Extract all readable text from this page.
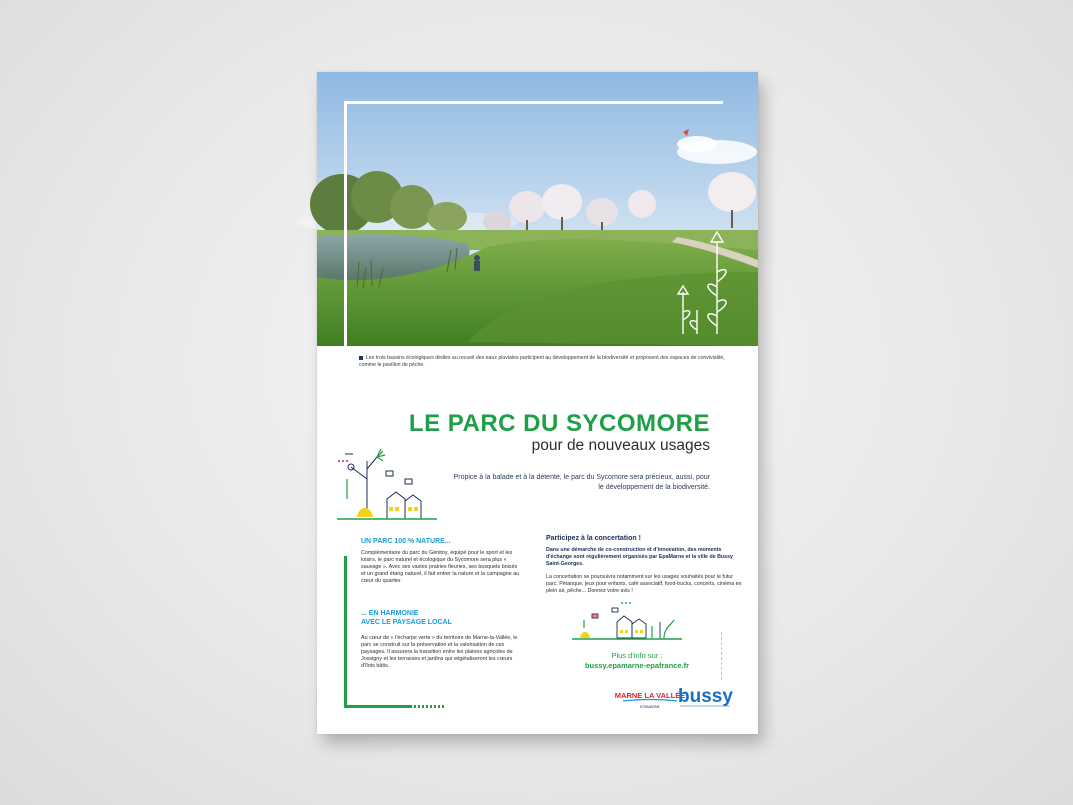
Les trois bassins écologiques dédiés au recueil des eaux pluviales participent au développement de la biodiversité et proposent des espaces de convivialité, comme le pavillon de pêche.
LE PARC DU SYCOMORE
pour de nouveaux usages
Propice à la balade et à la détente, le parc du Sycomore sera précieux, aussi, pour le développement de la biodiversité.
UN PARC 100 % NATURE...
Complémentaire du parc du Génitoy, équipé pour le sport et les loisirs, le parc naturel et écologique du Sycomore sera plus « sauvage ». Avec ses vastes prairies fleuries, ses bosquets boisés et un grand étang naturel, il fait entrer la nature et la campagne au cœur du quartier.
... EN HARMONIE
AVEC LE PAYSAGE LOCAL
Au cœur de « l'écharpe verte » du territoire de Marne-la-Vallée, le parc se construit sur la préservation et la valorisation de ces paysages. Il assurera la transition entre les plaines agricoles de Jossigny et les terrasses et jardins qui végétaliseront les cœurs d'îlots bâtis.
Participez à la concertation !
Dans une démarche de co-construction et d'innovation, des moments d'échange sont régulièrement organisés par EpaMarne et la ville de Bussy Saint-Georges.
La concertation se poursuivra notamment sur les usages souhaités pour le futur parc. Pétanque, jeux pour enfants, café associatif, food-trucks, concerts, cinéma en plein air, pêche... Donnez votre avis !
Plus d'info sur :
bussy.epamarne-epafrance.fr
MARNE LA VALLÉE
EPAMARNE bussy
